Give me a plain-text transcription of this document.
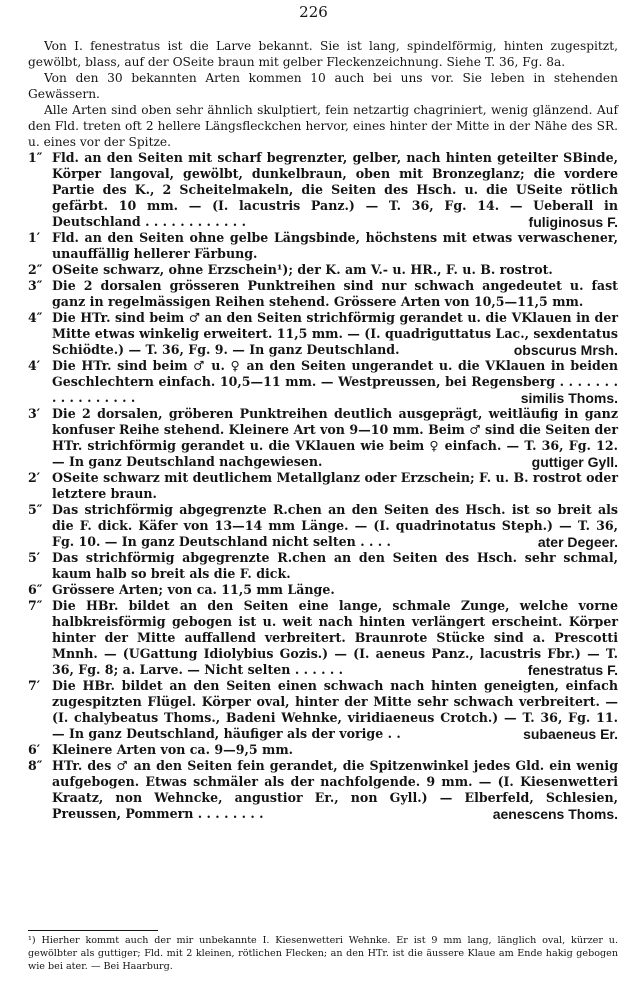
226

Von I. fenestratus ist die Larve bekannt. Sie ist lang, spindelförmig, hinten zugespitzt, gewölbt, blass, auf der OSeite braun mit gelber Fleckenzeichnung. Siehe T. 36, Fg. 8a.

Von den 30 bekannten Arten kommen 10 auch bei uns vor. Sie leben in stehenden Gewässern.

Alle Arten sind oben sehr ähnlich skulptiert, fein netzartig chagriniert, wenig glänzend. Auf den Fld. treten oft 2 hellere Längsfleckchen hervor, eines hinter der Mitte in der Nähe des SR. u. eines vor der Spitze.

1″ Fld. an den Seiten mit scharf begrenzter, gelber, nach hinten geteilter SBinde, Körper langoval, gewölbt, dunkelbraun, oben mit Bronzeglanz; die vordere Partie des K., 2 Scheitelmakeln, die Seiten des Hsch. u. die USeite rötlich gefärbt. 10 mm. — (I. lacustris Panz.) — T. 36, Fg. 14. — Ueberall in Deutschland . . . . . . . . . . . .	fuliginosus F.
1′ Fld. an den Seiten ohne gelbe Längsbinde, höchstens mit etwas verwaschener, unauffällig hellerer Färbung.
2″ OSeite schwarz, ohne Erzschein¹); der K. am V.- u. HR., F. u. B. rostrot.
3″ Die 2 dorsalen grösseren Punktreihen sind nur schwach angedeutet u. fast ganz in regelmässigen Reihen stehend. Grössere Arten von 10,5—11,5 mm.
4″ Die HTr. sind beim ♂ an den Seiten strichförmig gerandet u. die VKlauen in der Mitte etwas winkelig erweitert. 11,5 mm. — (I. quadriguttatus Lac., sexdentatus Schiödte.) — T. 36, Fg. 9. — In ganz Deutschland.	obscurus Mrsh.
4′ Die HTr. sind beim ♂ u. ♀ an den Seiten ungerandet u. die VKlauen in beiden Geschlechtern einfach. 10,5—11 mm. — Westpreussen, bei Regensberg . . . . . . . . . . . . . . . . .	similis Thoms.
3′ Die 2 dorsalen, gröberen Punktreihen deutlich ausgeprägt, weitläufig in ganz konfuser Reihe stehend. Kleinere Art von 9—10 mm. Beim ♂ sind die Seiten der HTr. strichförmig gerandet u. die VKlauen wie beim ♀ einfach. — T. 36, Fg. 12. — In ganz Deutschland nachgewiesen.	guttiger Gyll.
2′ OSeite schwarz mit deutlichem Metallglanz oder Erzschein; F. u. B. rostrot oder letztere braun.
5″ Das strichförmig abgegrenzte R.chen an den Seiten des Hsch. ist so breit als die F. dick. Käfer von 13—14 mm Länge. — (I. quadrinotatus Steph.) — T. 36, Fg. 10. — In ganz Deutschland nicht selten . . . .	ater Degeer.
5′ Das strichförmig abgegrenzte R.chen an den Seiten des Hsch. sehr schmal, kaum halb so breit als die F. dick.
6″ Grössere Arten; von ca. 11,5 mm Länge.
7″ Die HBr. bildet an den Seiten eine lange, schmale Zunge, welche vorne halbkreisförmig gebogen ist u. weit nach hinten verlängert erscheint. Körper hinter der Mitte auffallend verbreitert. Braunrote Stücke sind a. Prescotti Mnnh. — (UGattung Idiolybius Gozis.) — (I. aeneus Panz., lacustris Fbr.) — T. 36, Fg. 8; a. Larve. — Nicht selten . . . . . .	fenestratus F.
7′ Die HBr. bildet an den Seiten einen schwach nach hinten geneigten, einfach zugespitzten Flügel. Körper oval, hinter der Mitte sehr schwach verbreitert. — (I. chalybeatus Thoms., Badeni Wehnke, viridiaeneus Crotch.) — T. 36, Fg. 11. — In ganz Deutschland, häufiger als der vorige . .	subaeneus Er.
6′ Kleinere Arten von ca. 9—9,5 mm.
8″ HTr. des ♂ an den Seiten fein gerandet, die Spitzenwinkel jedes Gld. ein wenig aufgebogen. Etwas schmäler als der nachfolgende. 9 mm. — (I. Kiesenwetteri Kraatz, non Wehncke, angustior Er., non Gyll.) — Elberfeld, Schlesien, Preussen, Pommern . . . . . . . .	aenescens Thoms.

¹) Hierher kommt auch der mir unbekannte I. Kiesenwetteri Wehnke. Er ist 9 mm lang, länglich oval, kürzer u. gewölbter als guttiger; Fld. mit 2 kleinen, rötlichen Flecken; an den HTr. ist die äussere Klaue am Ende hakig gebogen wie bei ater. — Bei Haarburg.
